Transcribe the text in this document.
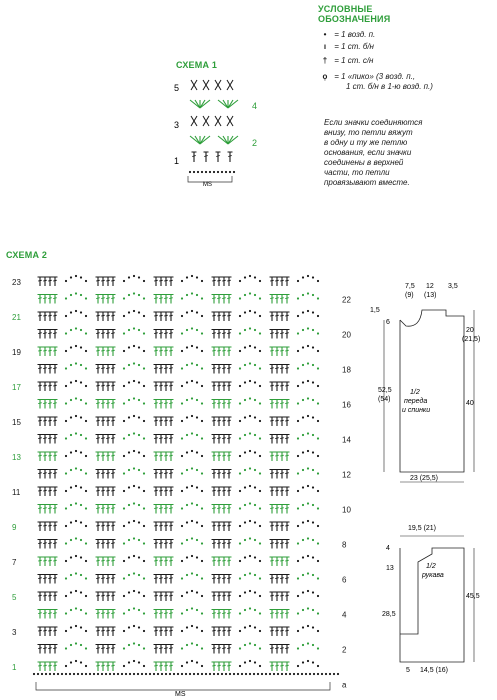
УСЛОВНЫЕ
ОБОЗНАЧЕНИЯ
• = 1 возд. п.
ı = 1 ст. б/н
† = 1 ст. с/н
ọ = 1 «пико» (3 возд. п.,
1 ст. б/н в 1-ю возд. п.)
Если значки соединяются
внизу, то петли вяжут
в одну и ту же петлю
основания, если значки
соединены в верхней
части, то петли
провязывают вместе.
СХЕМА 1
5
3
1
4
2
MS
СХЕМА 2
23
21
19
17
15
13
11
9
7
5
3
1
22
20
18
16
14
12
10
8
6
4
2
a
MS
7,5
(9)
12
(13)
3,5
1,5
6
52,5
(54)
20
(21,5)
40
1/2
переда
и спинки
23 (25,5)
19,5 (21)
4
13
28,5
45,5
5 14,5 (16)
1/2
рукава
